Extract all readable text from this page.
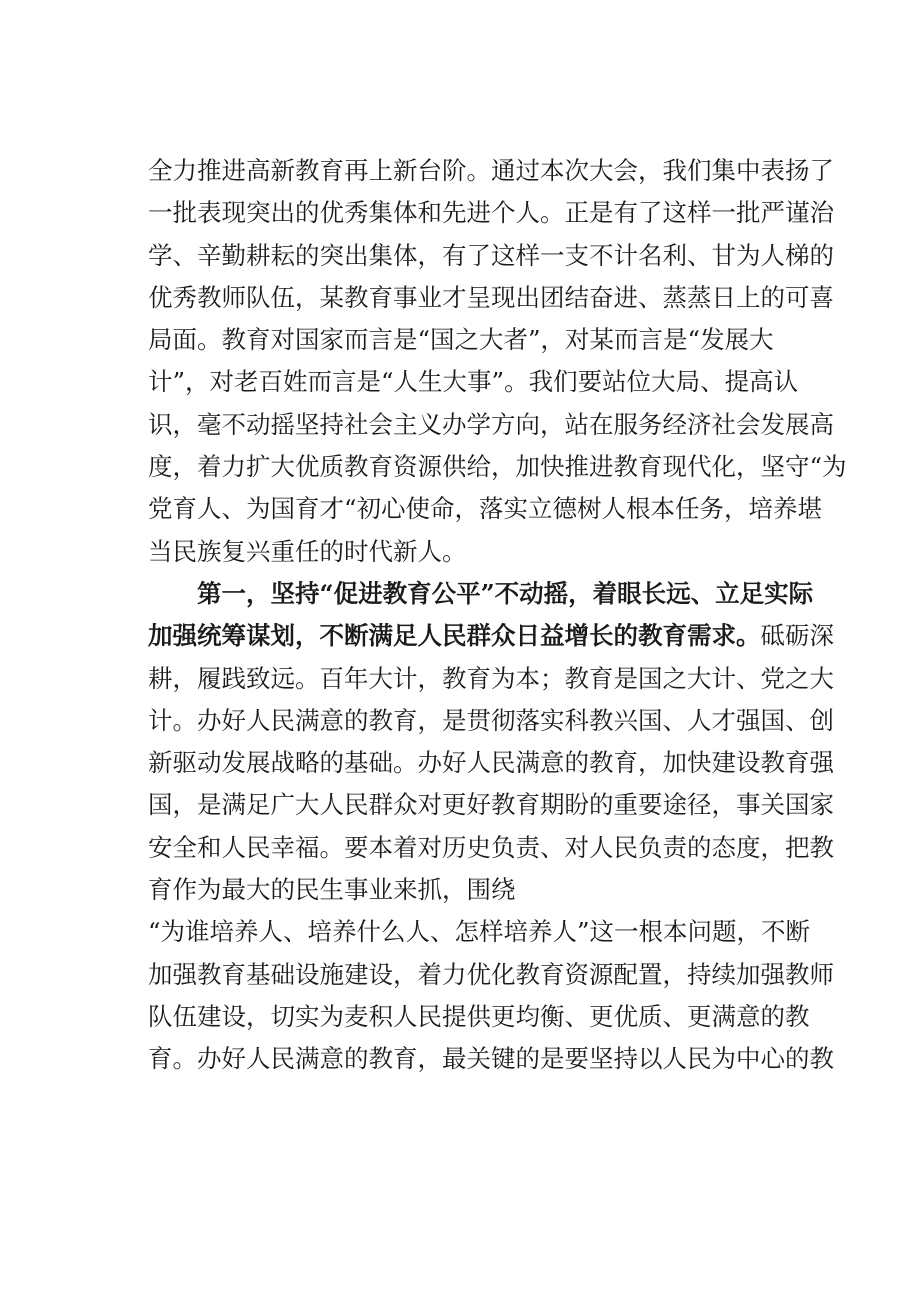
全力推进高新教育再上新台阶。通过本次大会，我们集中表扬了
一批表现突出的优秀集体和先进个人。正是有了这样一批严谨治
学、辛勤耕耘的突出集体，有了这样一支不计名利、甘为人梯的
优秀教师队伍，某教育事业才呈现出团结奋进、蒸蒸日上的可喜
局面。教育对国家而言是“国之大者”，对某而言是“发展大
计”，对老百姓而言是“人生大事”。我们要站位大局、提高认
识，毫不动摇坚持社会主义办学方向，站在服务经济社会发展高
度，着力扩大优质教育资源供给，加快推进教育现代化，坚守“为
党育人、为国育才“初心使命，落实立德树人根本任务，培养堪
当民族复兴重任的时代新人。
第一，坚持“促进教育公平”不动摇，着眼长远、立足实际
加强统筹谋划，不断满足人民群众日益增长的教育需求。砥砺深
耕，履践致远。百年大计，教育为本；教育是国之大计、党之大
计。办好人民满意的教育，是贯彻落实科教兴国、人才强国、创
新驱动发展战略的基础。办好人民满意的教育，加快建设教育强
国，是满足广大人民群众对更好教育期盼的重要途径，事关国家
安全和人民幸福。要本着对历史负责、对人民负责的态度，把教
育作为最大的民生事业来抓，围绕
“为谁培养人、培养什么人、怎样培养人”这一根本问题，不断
加强教育基础设施建设，着力优化教育资源配置，持续加强教师
队伍建设，切实为麦积人民提供更均衡、更优质、更满意的教
育。办好人民满意的教育，最关键的是要坚持以人民为中心的教
